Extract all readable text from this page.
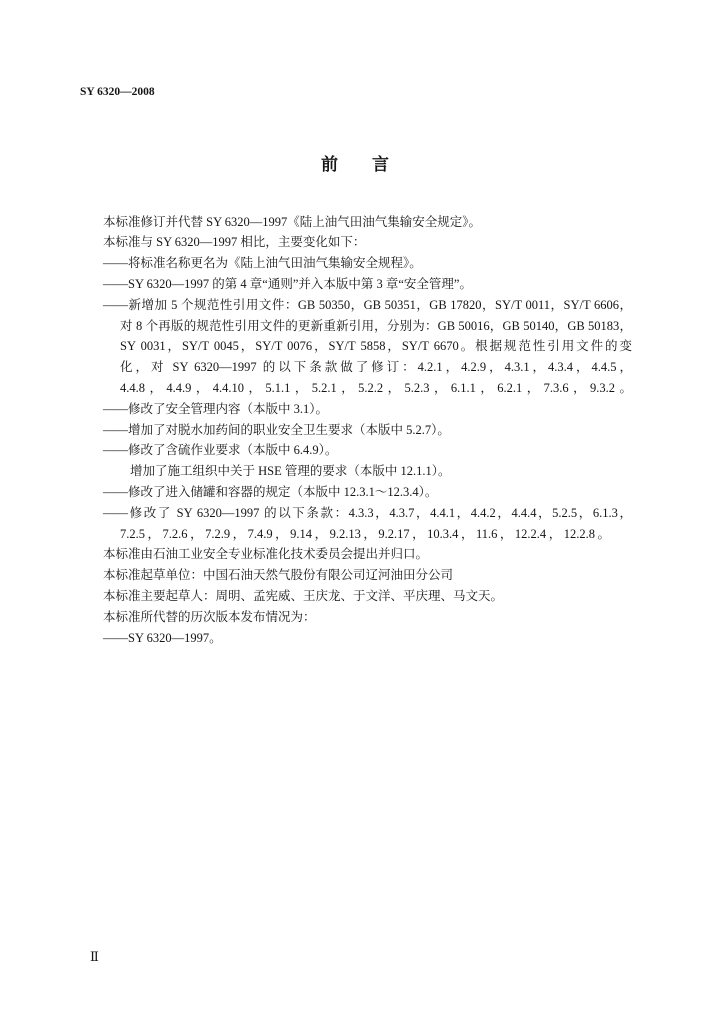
SY 6320—2008
前　　言
本标准修订并代替 SY 6320—1997《陆上油气田油气集输安全规定》。
本标准与 SY 6320—1997 相比，主要变化如下：
——将标准名称更名为《陆上油气田油气集输安全规程》。
——SY 6320—1997 的第 4 章“通则”并入本版中第 3 章“安全管理”。
——新增加 5 个规范性引用文件：GB 50350，GB 50351，GB 17820，SY/T 0011，SY/T 6606，
对 8 个再版的规范性引用文件的更新重新引用，分别为：GB 50016，GB 50140，GB 50183，
SY 0031，SY/T 0045，SY/T 0076，SY/T 5858，SY/T 6670。根据规范性引用文件的变
化，对 SY 6320—1997 的以下条款做了修订：4.2.1，4.2.9，4.3.1，4.3.4，4.4.5，
4.4.8，4.4.9，4.4.10，5.1.1，5.2.1，5.2.2，5.2.3，6.1.1，6.2.1，7.3.6，9.3.2。
——修改了安全管理内容（本版中 3.1）。
——增加了对脱水加药间的职业安全卫生要求（本版中 5.2.7）。
——修改了含硫作业要求（本版中 6.4.9）。
增加了施工组织中关于 HSE 管理的要求（本版中 12.1.1）。
——修改了进入储罐和容器的规定（本版中 12.3.1～12.3.4）。
——修改了 SY 6320—1997 的以下条款：4.3.3，4.3.7，4.4.1，4.4.2，4.4.4，5.2.5，6.1.3，
7.2.5，7.2.6，7.2.9，7.4.9，9.14，9.2.13，9.2.17，10.3.4，11.6，12.2.4，12.2.8。
本标准由石油工业安全专业标准化技术委员会提出并归口。
本标准起草单位：中国石油天然气股份有限公司辽河油田分公司
本标准主要起草人：周明、孟宪威、王庆龙、于文洋、平庆理、马文天。
本标准所代替的历次版本发布情况为：
——SY 6320—1997。
Ⅱ
